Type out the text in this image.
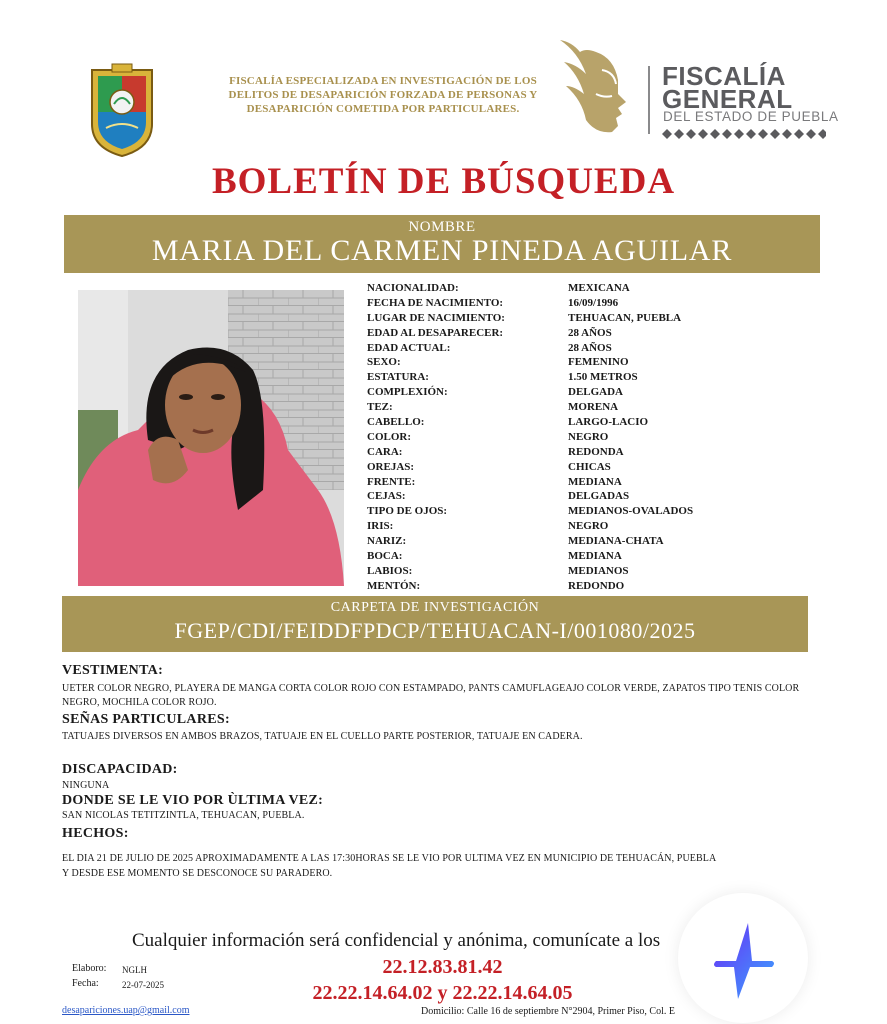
FISCALÍA ESPECIALIZADA EN INVESTIGACIÓN DE LOS DELITOS DE DESAPARICIÓN FORZADA DE PERSONAS Y DESAPARICIÓN COMETIDA POR PARTICULARES.
FISCALÍA
GENERAL
DEL ESTADO DE PUEBLA
BOLETÍN DE BÚSQUEDA
NOMBRE
MARIA DEL CARMEN PINEDA AGUILAR
NACIONALIDAD:	MEXICANA
FECHA DE NACIMIENTO:	16/09/1996
LUGAR DE NACIMIENTO:	TEHUACAN, PUEBLA
EDAD AL DESAPARECER:	28 AÑOS
EDAD ACTUAL:	28 AÑOS
SEXO:	FEMENINO
ESTATURA:	1.50 METROS
COMPLEXIÓN:	DELGADA
TEZ:	MORENA
CABELLO:	LARGO-LACIO
COLOR:	NEGRO
CARA:	REDONDA
OREJAS:	CHICAS
FRENTE:	MEDIANA
CEJAS:	DELGADAS
TIPO DE OJOS:	MEDIANOS-OVALADOS
IRIS:	NEGRO
NARIZ:	MEDIANA-CHATA
BOCA:	MEDIANA
LABIOS:	MEDIANOS
MENTÓN:	REDONDO
CARPETA DE INVESTIGACIÓN
FGEP/CDI/FEIDDFPDCP/TEHUACAN-I/001080/2025
VESTIMENTA:
UETER COLOR NEGRO, PLAYERA DE MANGA CORTA COLOR ROJO CON ESTAMPADO, PANTS CAMUFLAGEAJO COLOR VERDE, ZAPATOS TIPO TENIS COLOR NEGRO, MOCHILA COLOR ROJO.
SEÑAS PARTICULARES:
TATUAJES DIVERSOS EN AMBOS BRAZOS, TATUAJE EN EL CUELLO PARTE POSTERIOR, TATUAJE EN CADERA.
DISCAPACIDAD:
NINGUNA
DONDE SE LE VIO POR ÙLTIMA VEZ:
SAN NICOLAS TETITZINTLA, TEHUACAN, PUEBLA.
HECHOS:
EL DIA 21 DE JULIO DE 2025 APROXIMADAMENTE A LAS 17:30HORAS SE LE VIO POR ULTIMA VEZ EN MUNICIPIO DE TEHUACÁN, PUEBLA
Y DESDE ESE MOMENTO SE DESCONOCE SU PARADERO.
Cualquier información será confidencial y anónima, comunícate a los
22.12.83.81.42
22.22.14.64.02 y 22.22.14.64.05
Elaboro: NGLH
Fecha:	22-07-2025
desapariciones.uap@gmail.com	Domicilio: Calle 16 de septiembre N°2904, Primer Piso, Col. E
